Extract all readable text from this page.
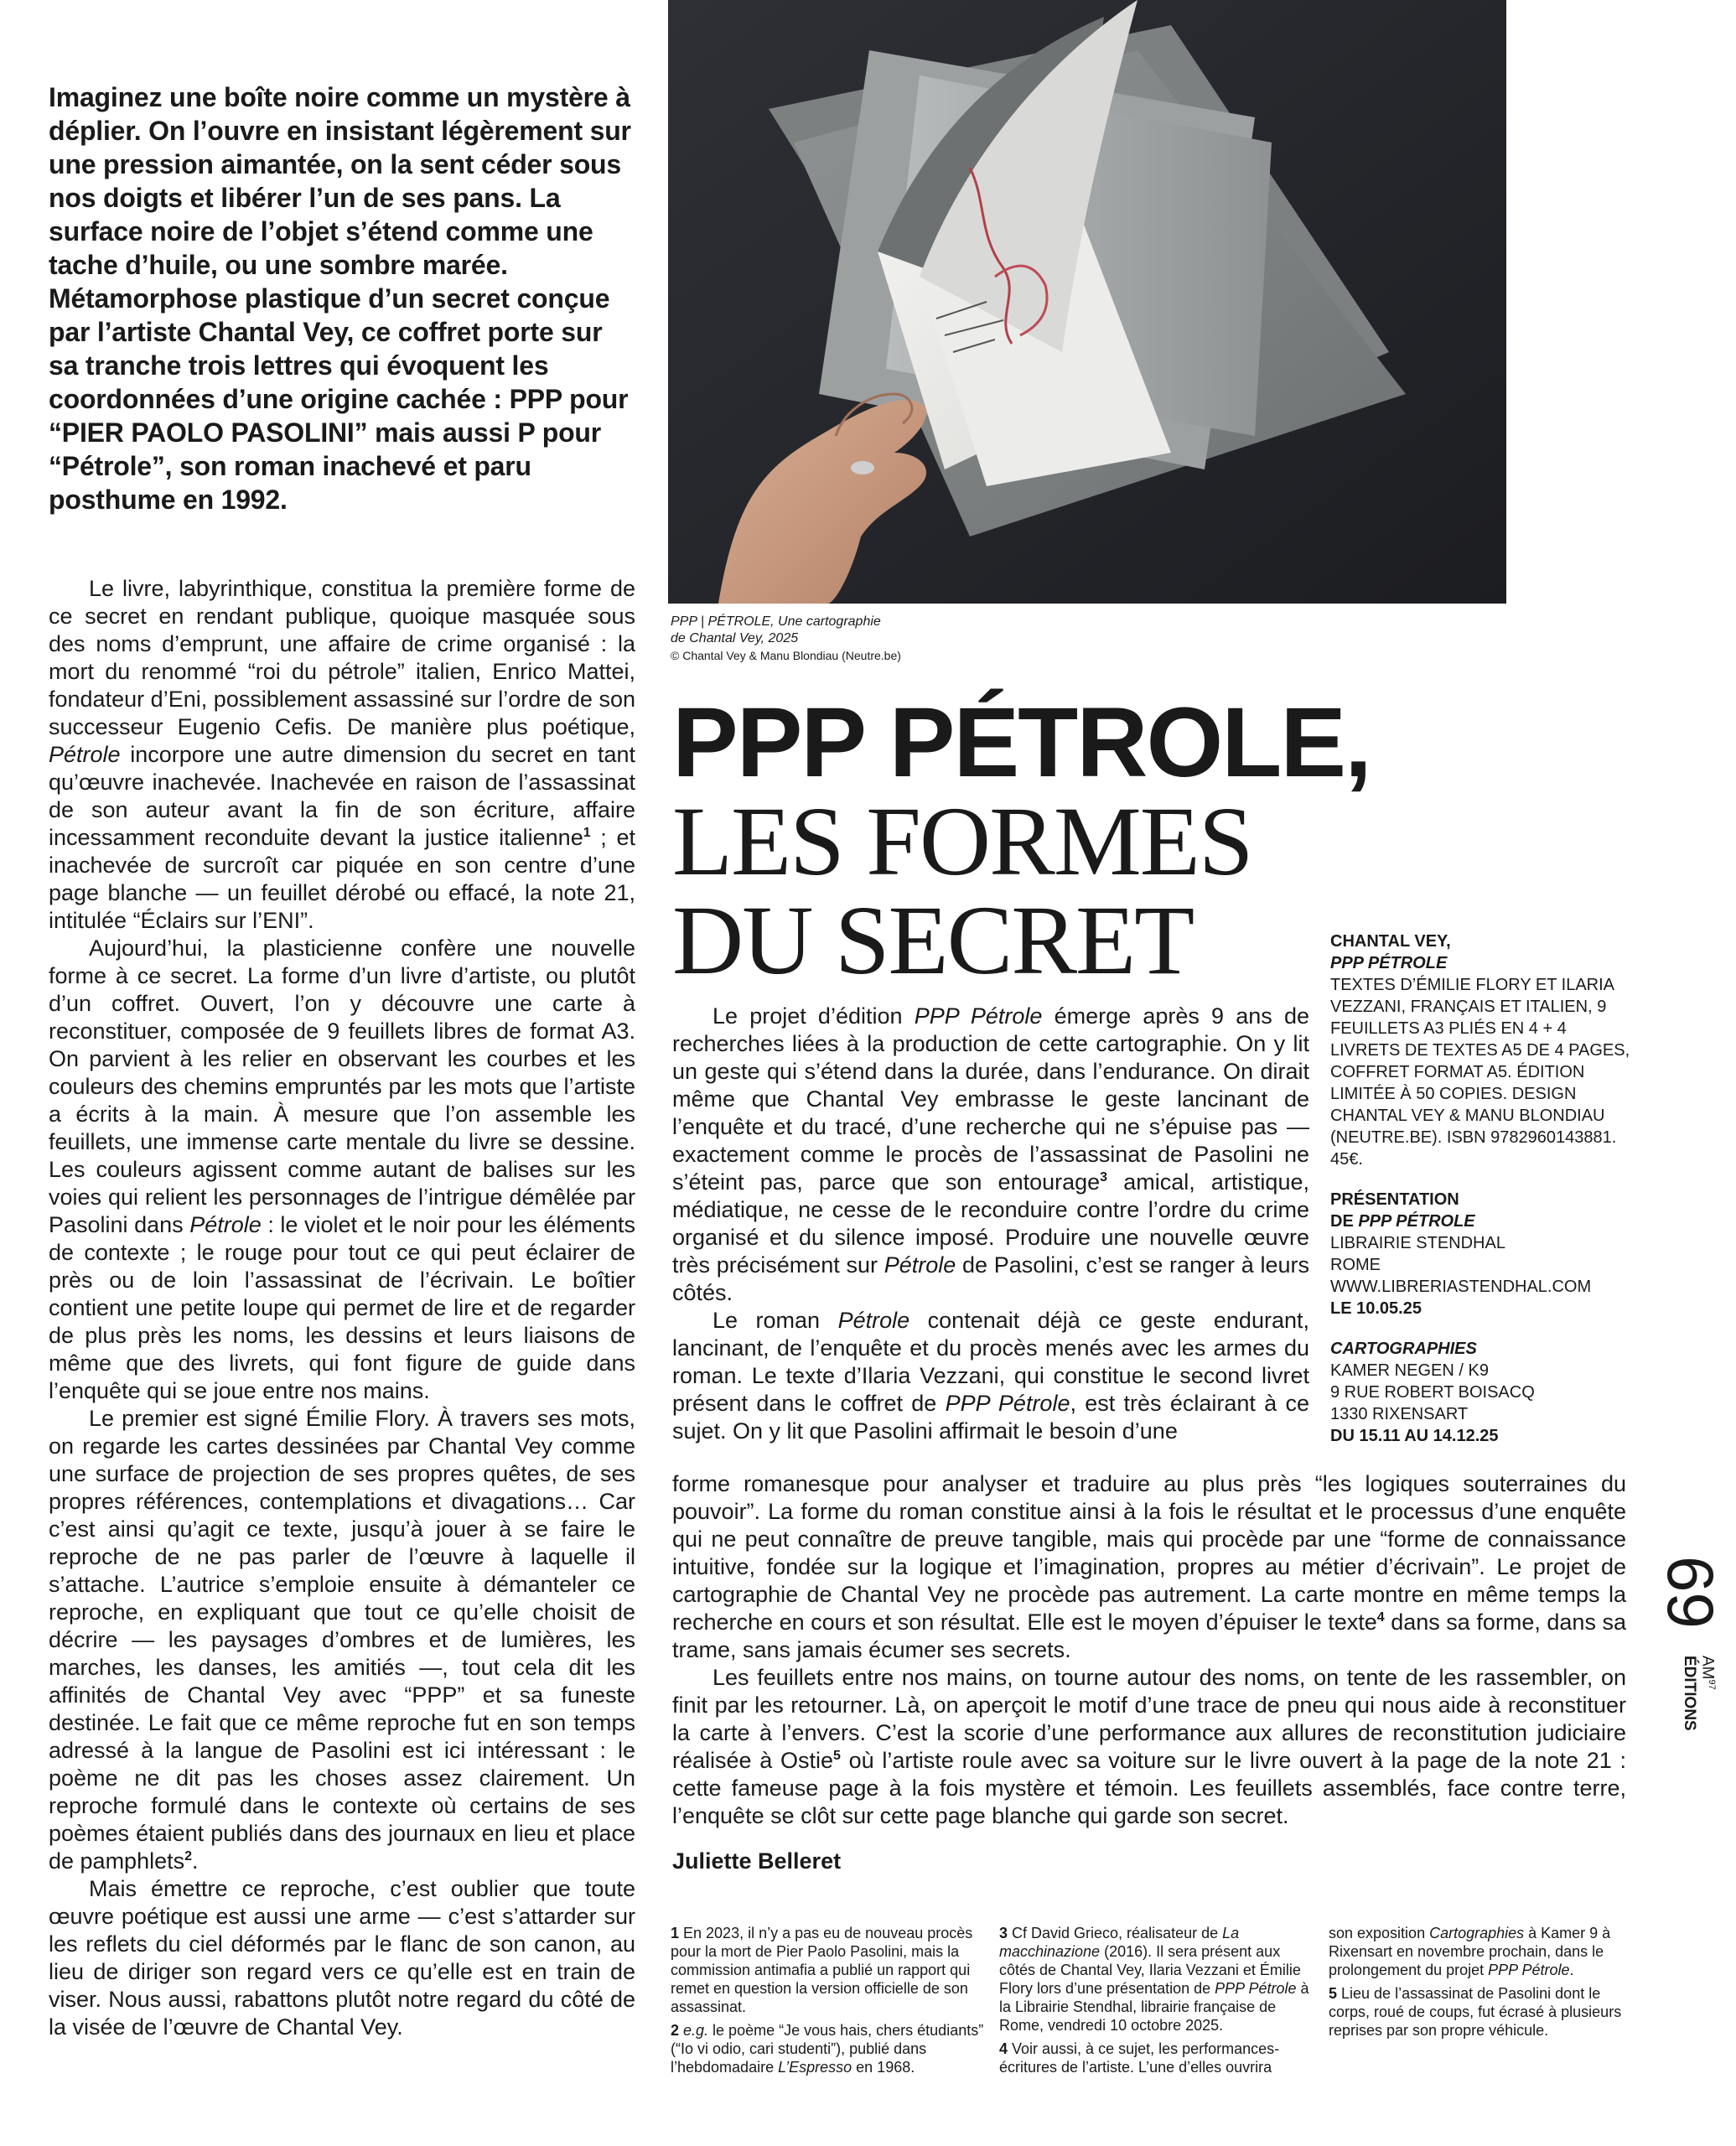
Imaginez une boîte noire comme un mystère à déplier. On l’ouvre en insistant légèrement sur une pression aimantée, on la sent céder sous nos doigts et libérer l’un de ses pans. La surface noire de l’objet s’étend comme une tache d’huile, ou une sombre marée. Métamorphose plastique d’un secret conçue par l’artiste Chantal Vey, ce coffret porte sur sa tranche trois lettres qui évoquent les coordonnées d’une origine cachée : PPP pour “PIER PAOLO PASOLINI” mais aussi P pour “Pétrole”, son roman inachevé et paru posthume en 1992.

PPP | PÉTROLE, Une cartographie
de Chantal Vey, 2025
© Chantal Vey & Manu Blondiau (Neutre.be)

Le livre, labyrinthique, constitua la première forme de ce secret en rendant publique, quoique masquée sous des noms d’emprunt, une affaire de crime organisé : la mort du renommé “roi du pétrole” italien, Enrico Mattei, fondateur d’Eni, possiblement assassiné sur l’ordre de son successeur Eugenio Cefis. De manière plus poétique, Pétrole incorpore une autre dimension du secret en tant qu’œuvre inachevée. Inachevée en raison de l’assassinat de son auteur avant la fin de son écriture, affaire incessamment reconduite devant la justice italienne$^1$ ; et inachevée de surcroît car piquée en son centre d’une page blanche — un feuillet dérobé ou effacé, la note 21, intitulée “Éclairs sur l’ENI”.

Aujourd’hui, la plasticienne confère une nouvelle forme à ce secret. La forme d’un livre d’artiste, ou plutôt d’un coffret. Ouvert, l’on y découvre une carte à reconstituer, composée de 9 feuillets libres de format A3. On parvient à les relier en observant les courbes et les couleurs des chemins empruntés par les mots que l’artiste a écrits à la main. À mesure que l’on assemble les feuillets, une immense carte mentale du livre se dessine. Les couleurs agissent comme autant de balises sur les voies qui relient les personnages de l’intrigue démêlée par Pasolini dans Pétrole : le violet et le noir pour les éléments de contexte ; le rouge pour tout ce qui peut éclairer de près ou de loin l’assassinat de l’écrivain. Le boîtier contient une petite loupe qui permet de lire et de regarder de plus près les noms, les dessins et leurs liaisons de même que des livrets, qui font figure de guide dans l’enquête qui se joue entre nos mains.

Le premier est signé Émilie Flory. À travers ses mots, on regarde les cartes dessinées par Chantal Vey comme une surface de projection de ses propres quêtes, de ses propres références, contemplations et divagations… Car c’est ainsi qu’agit ce texte, jusqu’à jouer à se faire le reproche de ne pas parler de l’œuvre à laquelle il s’attache. L’autrice s’emploie ensuite à démanteler ce reproche, en expliquant que tout ce qu’elle choisit de décrire — les paysages d’ombres et de lumières, les marches, les danses, les amitiés —, tout cela dit les affinités de Chantal Vey avec “PPP” et sa funeste destinée. Le fait que ce même reproche fut en son temps adressé à la langue de Pasolini est ici intéressant : le poème ne dit pas les choses assez clairement. Un reproche formulé dans le contexte où certains de ses poèmes étaient publiés dans des journaux en lieu et place de pamphlets$^2$.

Mais émettre ce reproche, c’est oublier que toute œuvre poétique est aussi une arme — c’est s’attarder sur les reflets du ciel déformés par le flanc de son canon, au lieu de diriger son regard vers ce qu’elle est en train de viser. Nous aussi, rabattons plutôt notre regard du côté de la visée de l’œuvre de Chantal Vey.

PPP PÉTROLE,
LES FORMES
DU SECRET	CHANTAL VEY,
PPP PÉTROLE
TEXTES D’ÉMILIE FLORY ET ILARIA VEZZANI, FRANÇAIS ET ITALIEN, 9 FEUILLETS A3 PLIÉS EN 4 + 4 LIVRETS DE TEXTES A5 DE 4 PAGES, COFFRET FORMAT A5. ÉDITION LIMITÉE À 50 COPIES. DESIGN CHANTAL VEY & MANU BLONDIAU (NEUTRE.BE). ISBN 9782960143881. 45€.
PRÉSENTATION
DE PPP PÉTROLE
LIBRAIRIE STENDHAL
ROME
WWW.LIBRERIASTENDHAL.COM
LE 10.05.25
CARTOGRAPHIES
KAMER NEGEN / K9
9 RUE ROBERT BOISACQ
1330 RIXENSART
DU 15.11 AU 14.12.25

Le projet d’édition PPP Pétrole émerge après 9 ans de recherches liées à la production de cette cartographie. On y lit un geste qui s’étend dans la durée, dans l’endurance. On dirait même que Chantal Vey embrasse le geste lancinant de l’enquête et du tracé, d’une recherche qui ne s’épuise pas — exactement comme le procès de l’assassinat de Pasolini ne s’éteint pas, parce que son entourage$^3$ amical, artistique, médiatique, ne cesse de le reconduire contre l’ordre du crime organisé et du silence imposé. Produire une nouvelle œuvre très précisément sur Pétrole de Pasolini, c’est se ranger à leurs côtés.

Le roman Pétrole contenait déjà ce geste endurant, lancinant, de l’enquête et du procès menés avec les armes du roman. Le texte d’Ilaria Vezzani, qui constitue le second livret présent dans le coffret de PPP Pétrole, est très éclairant à ce sujet. On y lit que Pasolini affirmait le besoin d’une

forme romanesque pour analyser et traduire au plus près “les logiques souterraines du pouvoir”. La forme du roman constitue ainsi à la fois le résultat et le processus d’une enquête qui ne peut connaître de preuve tangible, mais qui procède par une “forme de connaissance intuitive, fondée sur la logique et l’imagination, propres au métier d’écrivain”. Le projet de cartographie de Chantal Vey ne procède pas autrement. La carte montre en même temps la recherche en cours et son résultat. Elle est le moyen d’épuiser le texte$^4$ dans sa forme, dans sa trame, sans jamais écumer ses secrets.

Les feuillets entre nos mains, on tourne autour des noms, on tente de les rassembler, on finit par les retourner. Là, on aperçoit le motif d’une trace de pneu qui nous aide à reconstituer la carte à l’envers. C’est la scorie d’une performance aux allures de reconstitution judiciaire réalisée à Ostie$^5$ où l’artiste roule avec sa voiture sur le livre ouvert à la page de la note 21 : cette fameuse page à la fois mystère et témoin. Les feuillets assemblés, face contre terre, l’enquête se clôt sur cette page blanche qui garde son secret.

Juliette Belleret

1 En 2023, il n’y a pas eu de nouveau procès pour la mort de Pier Paolo Pasolini, mais la commission antimafia a publié un rapport qui remet en question la version officielle de son assassinat.

2 e.g. le poème “Je vous hais, chers étudiants” (“Io vi odio, cari studenti”), publié dans l’hebdomadaire L’Espresso en 1968.

3 Cf David Grieco, réalisateur de La macchinazione (2016). Il sera présent aux côtés de Chantal Vey, Ilaria Vezzani et Émilie Flory lors d’une présentation de PPP Pétrole à la Librairie Stendhal, librairie française de Rome, vendredi 10 octobre 2025.

4 Voir aussi, à ce sujet, les performances-écritures de l’artiste. L’une d’elles ouvrira

son exposition Cartographies à Kamer 9 à Rixensart en novembre prochain, dans le prolongement du projet PPP Pétrole.

5 Lieu de l’assassinat de Pasolini dont le corps, roué de coups, fut écrasé à plusieurs reprises par son propre véhicule.

69
AM$^{97}$
ÉDITIONS
